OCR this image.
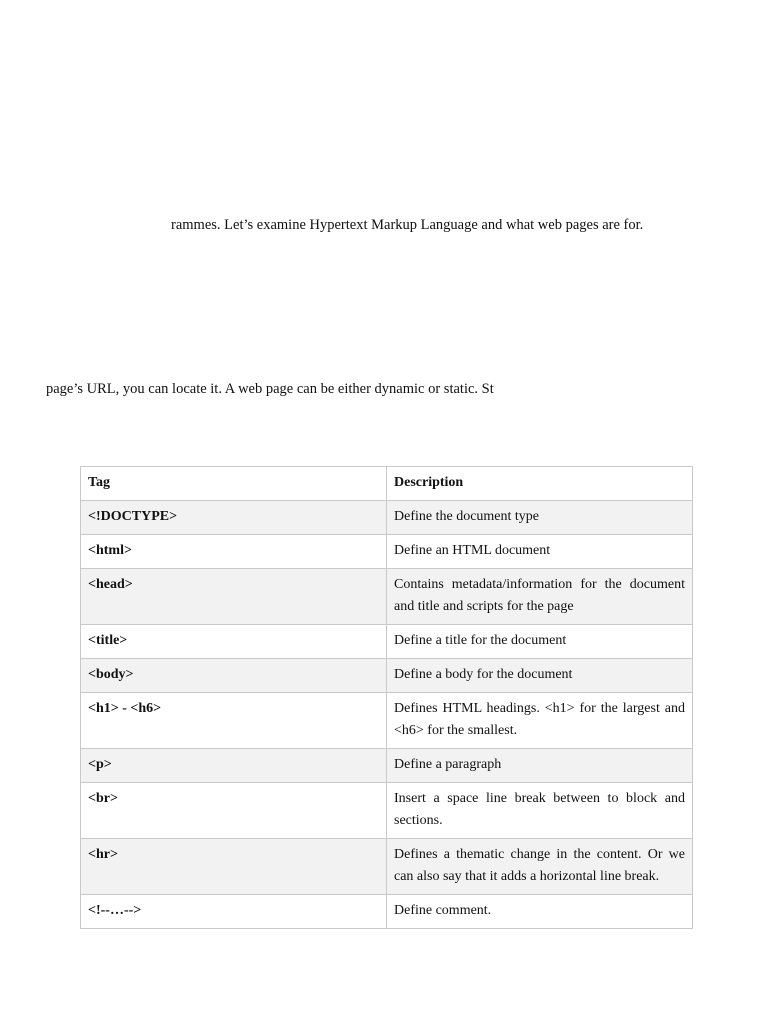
rammes. Let’s examine Hypertext Markup Language and what web pages are for.
page’s URL, you can locate it. A web page can be either dynamic or static. St
Tag	Description
<!DOCTYPE>	Define the document type
<html>	Define an HTML document
<head>	Contains metadata/information for the document and title and scripts for the page
<title>	Define a title for the document
<body>	Define a body for the document
<h1> - <h6>	Defines HTML headings. <h1> for the largest and <h6> for the smallest.
<p>	Define a paragraph
<br>	Insert a space line break between to block and sections.
<hr>	Defines a thematic change in the content. Or we can also say that it adds a horizontal line break.
<!--…-->	Define comment.
